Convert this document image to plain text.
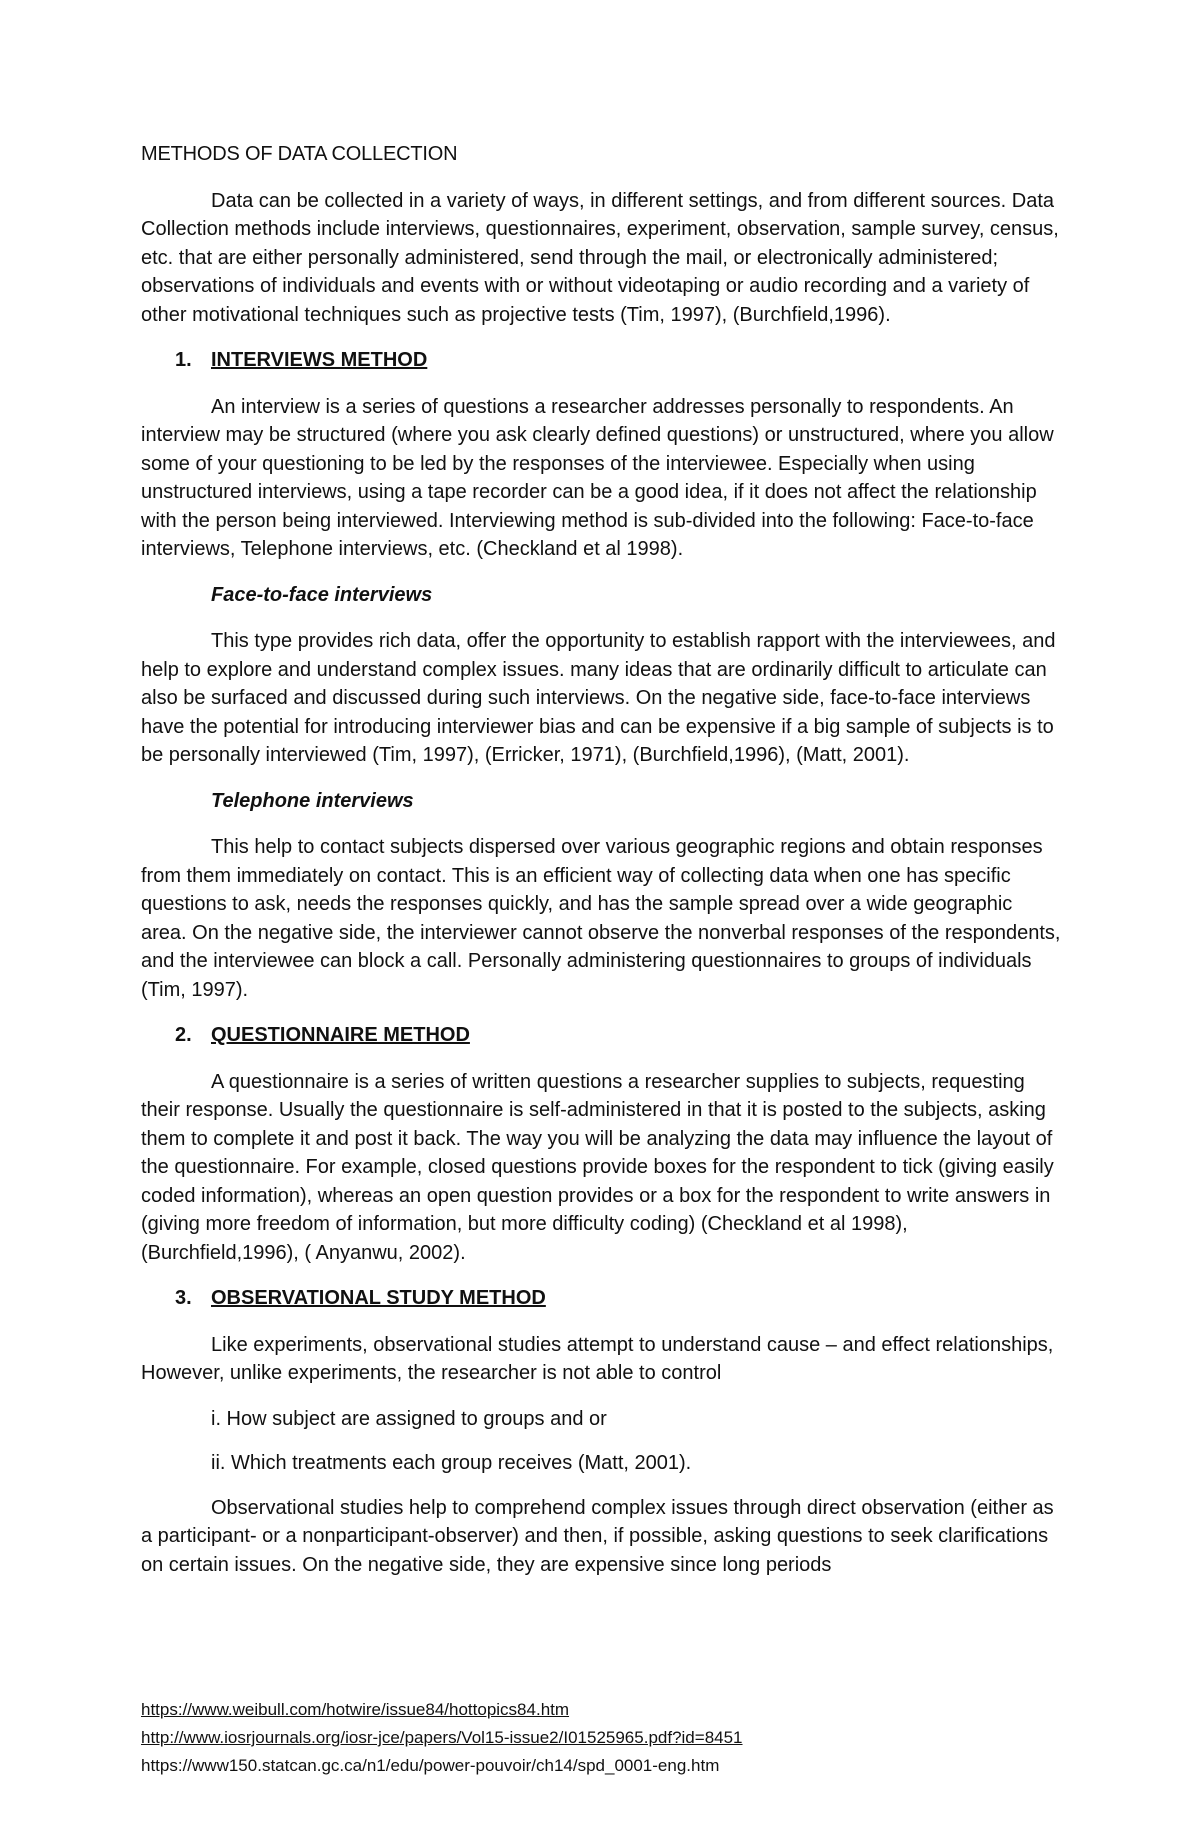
METHODS OF DATA COLLECTION

Data can be collected in a variety of ways, in different settings, and from different sources. Data Collection methods include interviews, questionnaires, experiment, observation, sample survey, census, etc. that are either personally administered, send through the mail, or electronically administered; observations of individuals and events with or without videotaping or audio recording and a variety of other motivational techniques such as projective tests (Tim, 1997), (Burchfield,1996).

1. INTERVIEWS METHOD

An interview is a series of questions a researcher addresses personally to respondents. An interview may be structured (where you ask clearly defined questions) or unstructured, where you allow some of your questioning to be led by the responses of the interviewee. Especially when using unstructured interviews, using a tape recorder can be a good idea, if it does not affect the relationship with the person being interviewed. Interviewing method is sub-divided into the following: Face-to-face interviews, Telephone interviews, etc. (Checkland et al 1998).

Face-to-face interviews

This type provides rich data, offer the opportunity to establish rapport with the interviewees, and help to explore and understand complex issues. many ideas that are ordinarily difficult to articulate can also be surfaced and discussed during such interviews. On the negative side, face-to-face interviews have the potential for introducing interviewer bias and can be expensive if a big sample of subjects is to be personally interviewed (Tim, 1997), (Erricker, 1971), (Burchfield,1996), (Matt, 2001).

Telephone interviews

This help to contact subjects dispersed over various geographic regions and obtain responses from them immediately on contact. This is an efficient way of collecting data when one has specific questions to ask, needs the responses quickly, and has the sample spread over a wide geographic area. On the negative side, the interviewer cannot observe the nonverbal responses of the respondents, and the interviewee can block a call. Personally administering questionnaires to groups of individuals (Tim, 1997).

2. QUESTIONNAIRE METHOD

A questionnaire is a series of written questions a researcher supplies to subjects, requesting their response. Usually the questionnaire is self-administered in that it is posted to the subjects, asking them to complete it and post it back. The way you will be analyzing the data may influence the layout of the questionnaire. For example, closed questions provide boxes for the respondent to tick (giving easily coded information), whereas an open question provides or a box for the respondent to write answers in (giving more freedom of information, but more difficulty coding) (Checkland et al 1998), (Burchfield,1996), ( Anyanwu, 2002).

3. OBSERVATIONAL STUDY METHOD

Like experiments, observational studies attempt to understand cause – and effect relationships, However, unlike experiments, the researcher is not able to control

i. How subject are assigned to groups and or
ii. Which treatments each group receives (Matt, 2001).

Observational studies help to comprehend complex issues through direct observation (either as a participant- or a nonparticipant-observer) and then, if possible, asking questions to seek clarifications on certain issues. On the negative side, they are expensive since long periods

https://www.weibull.com/hotwire/issue84/hottopics84.htm
http://www.iosrjournals.org/iosr-jce/papers/Vol15-issue2/I01525965.pdf?id=8451
https://www150.statcan.gc.ca/n1/edu/power-pouvoir/ch14/spd_0001-eng.htm
